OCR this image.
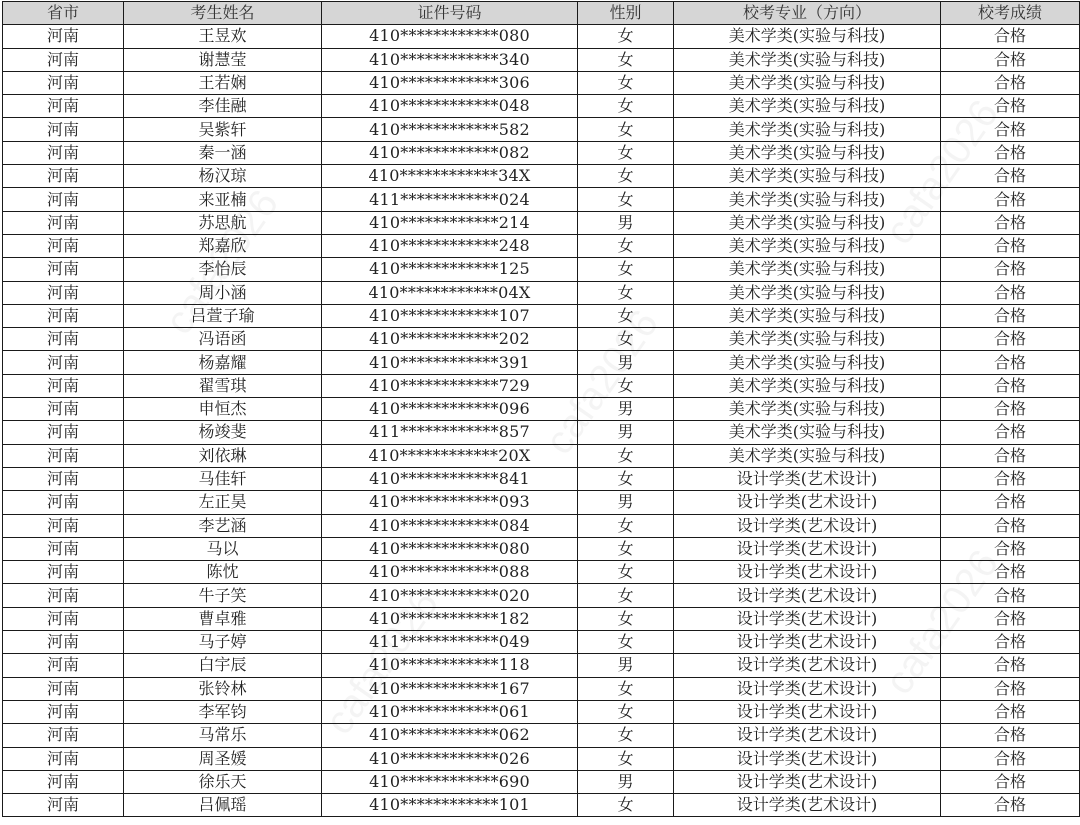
省市	考生姓名	证件号码	性别	校考专业（方向）	校考成绩
河南	王昱欢	410************080	女	美术学类(实验与科技)	合格
河南	谢慧莹	410************340	女	美术学类(实验与科技)	合格
河南	王若娴	410************306	女	美术学类(实验与科技)	合格
河南	李佳融	410************048	女	美术学类(实验与科技)	合格
河南	吴紫轩	410************582	女	美术学类(实验与科技)	合格
河南	秦一涵	410************082	女	美术学类(实验与科技)	合格
河南	杨汉琼	410************34X	女	美术学类(实验与科技)	合格
河南	来亚楠	411************024	女	美术学类(实验与科技)	合格
河南	苏思航	410************214	男	美术学类(实验与科技)	合格
河南	郑嘉欣	410************248	女	美术学类(实验与科技)	合格
河南	李怡辰	410************125	女	美术学类(实验与科技)	合格
河南	周小涵	410************04X	女	美术学类(实验与科技)	合格
河南	吕萱子瑜	410************107	女	美术学类(实验与科技)	合格
河南	冯语函	410************202	女	美术学类(实验与科技)	合格
河南	杨嘉耀	410************391	男	美术学类(实验与科技)	合格
河南	翟雪琪	410************729	女	美术学类(实验与科技)	合格
河南	申恒杰	410************096	男	美术学类(实验与科技)	合格
河南	杨竣斐	411************857	男	美术学类(实验与科技)	合格
河南	刘依琳	410************20X	女	美术学类(实验与科技)	合格
河南	马佳轩	410************841	女	设计学类(艺术设计)	合格
河南	左正昊	410************093	男	设计学类(艺术设计)	合格
河南	李艺涵	410************084	女	设计学类(艺术设计)	合格
河南	马以	410************080	女	设计学类(艺术设计)	合格
河南	陈忱	410************088	女	设计学类(艺术设计)	合格
河南	牛子笑	410************020	女	设计学类(艺术设计)	合格
河南	曹卓雅	410************182	女	设计学类(艺术设计)	合格
河南	马子婷	411************049	女	设计学类(艺术设计)	合格
河南	白宇辰	410************118	男	设计学类(艺术设计)	合格
河南	张铃林	410************167	女	设计学类(艺术设计)	合格
河南	李军钧	410************061	女	设计学类(艺术设计)	合格
河南	马常乐	410************062	女	设计学类(艺术设计)	合格
河南	周圣媛	410************026	女	设计学类(艺术设计)	合格
河南	徐乐天	410************690	男	设计学类(艺术设计)	合格
河南	吕佩瑶	410************101	女	设计学类(艺术设计)	合格
